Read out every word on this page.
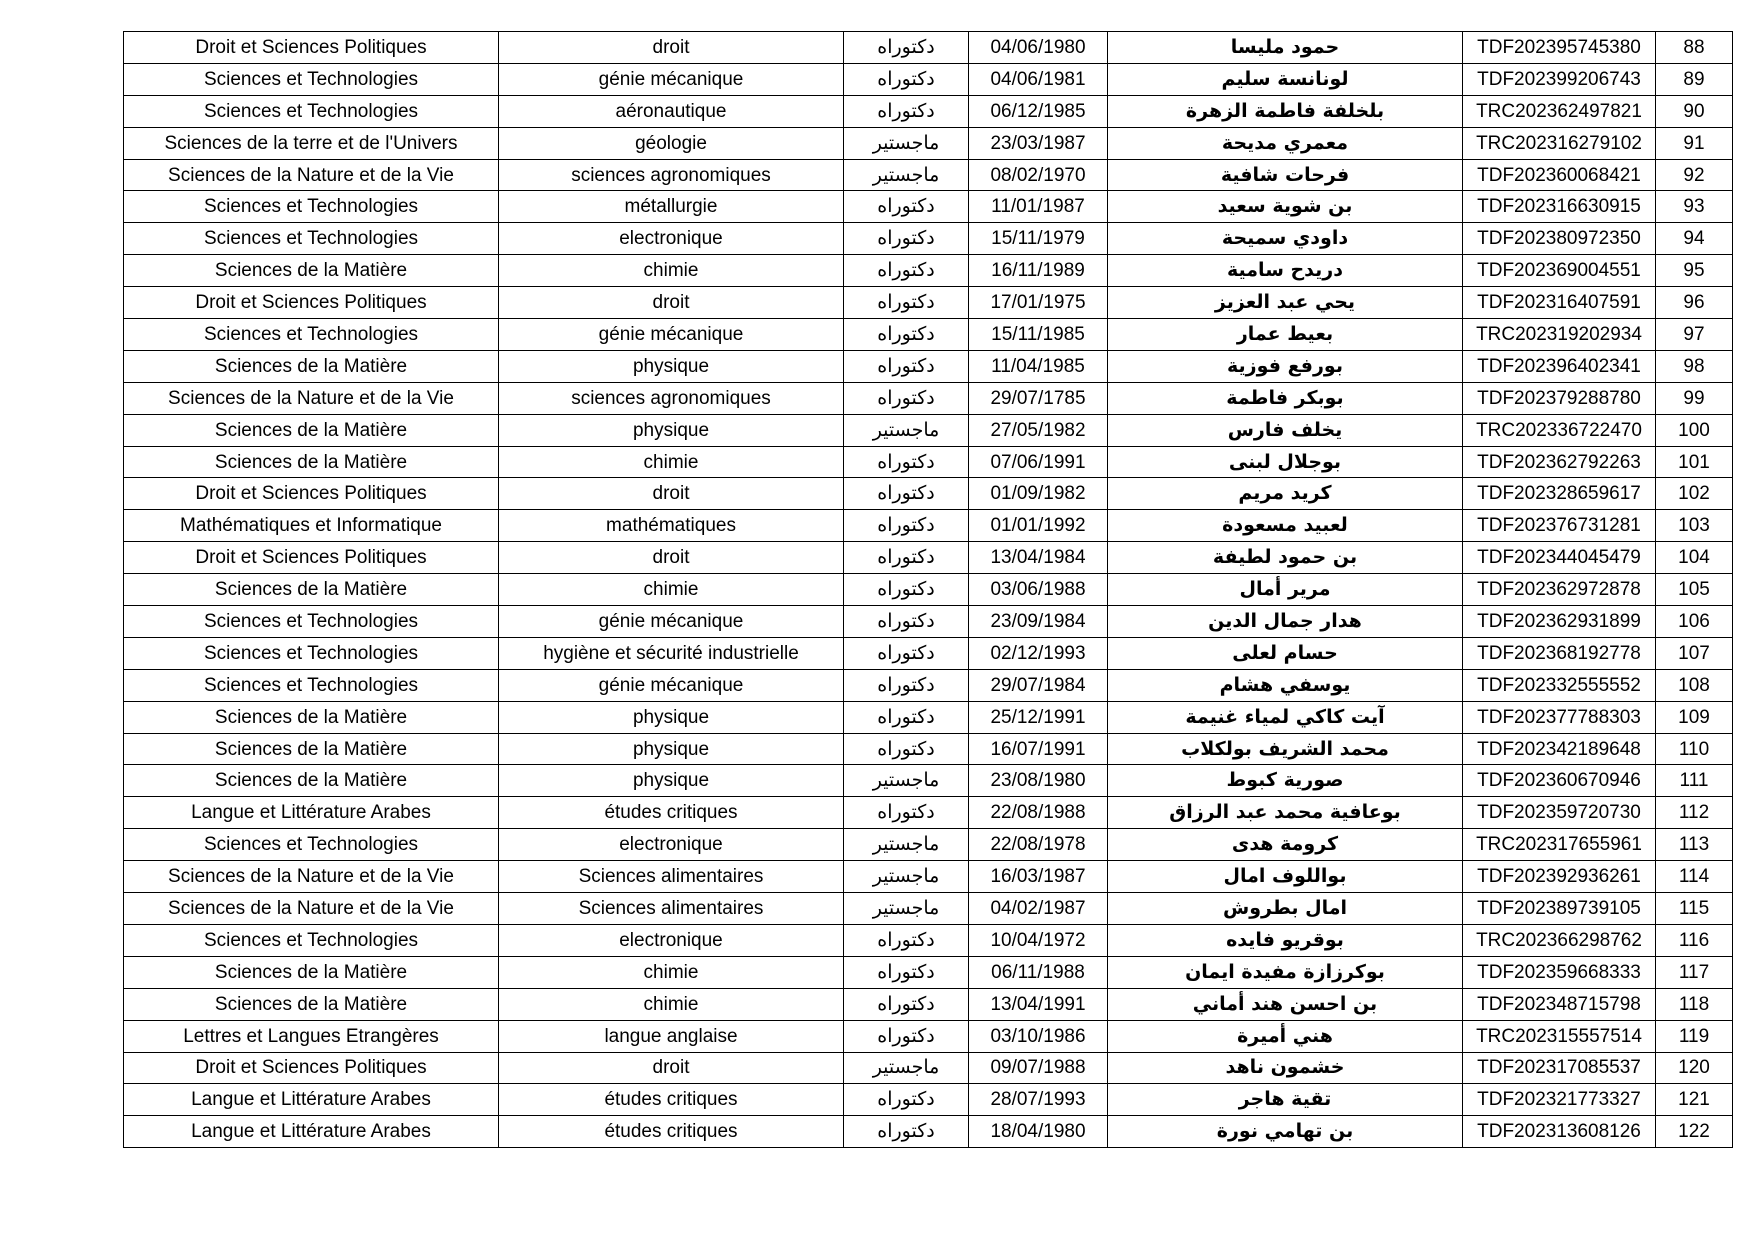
Droit et Sciences Politiques	droit	دكتوراه	04/06/1980	حمود مليسا	TDF202395745380	88
Sciences et Technologies	génie mécanique	دكتوراه	04/06/1981	لونانسة سليم	TDF202399206743	89
Sciences et Technologies	aéronautique	دكتوراه	06/12/1985	بلخلفة فاطمة الزهرة	TRC202362497821	90
Sciences de la terre et de l'Univers	géologie	ماجستير	23/03/1987	معمري مديحة	TRC202316279102	91
Sciences de la Nature et de la Vie	sciences agronomiques	ماجستير	08/02/1970	فرحات شافية	TDF202360068421	92
Sciences et Technologies	métallurgie	دكتوراه	11/01/1987	بن شوية سعيد	TDF202316630915	93
Sciences et Technologies	electronique	دكتوراه	15/11/1979	داودي سميحة	TDF202380972350	94
Sciences de la Matière	chimie	دكتوراه	16/11/1989	دريدح سامية	TDF202369004551	95
Droit et Sciences Politiques	droit	دكتوراه	17/01/1975	يحي عبد العزيز	TDF202316407591	96
Sciences et Technologies	génie mécanique	دكتوراه	15/11/1985	بعيط عمار	TRC202319202934	97
Sciences de la Matière	physique	دكتوراه	11/04/1985	بورفع فوزية	TDF202396402341	98
Sciences de la Nature et de la Vie	sciences agronomiques	دكتوراه	29/07/1785	بوبكر فاطمة	TDF202379288780	99
Sciences de la Matière	physique	ماجستير	27/05/1982	يخلف فارس	TRC202336722470	100
Sciences de la Matière	chimie	دكتوراه	07/06/1991	بوجلال لبنى	TDF202362792263	101
Droit et Sciences Politiques	droit	دكتوراه	01/09/1982	كريد مريم	TDF202328659617	102
Mathématiques et Informatique	mathématiques	دكتوراه	01/01/1992	لعبيد مسعودة	TDF202376731281	103
Droit et Sciences Politiques	droit	دكتوراه	13/04/1984	بن حمود لطيفة	TDF202344045479	104
Sciences de la Matière	chimie	دكتوراه	03/06/1988	مرير أمال	TDF202362972878	105
Sciences et Technologies	génie mécanique	دكتوراه	23/09/1984	هدار جمال الدين	TDF202362931899	106
Sciences et Technologies	hygiène et sécurité industrielle	دكتوراه	02/12/1993	حسام لعلى	TDF202368192778	107
Sciences et Technologies	génie mécanique	دكتوراه	29/07/1984	يوسفي هشام	TDF202332555552	108
Sciences de la Matière	physique	دكتوراه	25/12/1991	آيت كاكي لمياء غنيمة	TDF202377788303	109
Sciences de la Matière	physique	دكتوراه	16/07/1991	محمد الشريف بولكلاب	TDF202342189648	110
Sciences de la Matière	physique	ماجستير	23/08/1980	صورية كبوط	TDF202360670946	111
Langue et Littérature Arabes	études critiques	دكتوراه	22/08/1988	بوعافية محمد عبد الرزاق	TDF202359720730	112
Sciences et Technologies	electronique	ماجستير	22/08/1978	كرومة هدى	TRC202317655961	113
Sciences de la Nature et de la Vie	Sciences alimentaires	ماجستير	16/03/1987	بواللوف امال	TDF202392936261	114
Sciences de la Nature et de la Vie	Sciences alimentaires	ماجستير	04/02/1987	امال بطروش	TDF202389739105	115
Sciences et Technologies	electronique	دكتوراه	10/04/1972	بوقريو فايده	TRC202366298762	116
Sciences de la Matière	chimie	دكتوراه	06/11/1988	بوكرزازة مفيدة ايمان	TDF202359668333	117
Sciences de la Matière	chimie	دكتوراه	13/04/1991	بن احسن هند أماني	TDF202348715798	118
Lettres et Langues Etrangères	langue anglaise	دكتوراه	03/10/1986	هني أميرة	TRC202315557514	119
Droit et Sciences Politiques	droit	ماجستير	09/07/1988	خشمون ناهد	TDF202317085537	120
Langue et Littérature Arabes	études critiques	دكتوراه	28/07/1993	تقية هاجر	TDF202321773327	121
Langue et Littérature Arabes	études critiques	دكتوراه	18/04/1980	بن تهامي نورة	TDF202313608126	122
